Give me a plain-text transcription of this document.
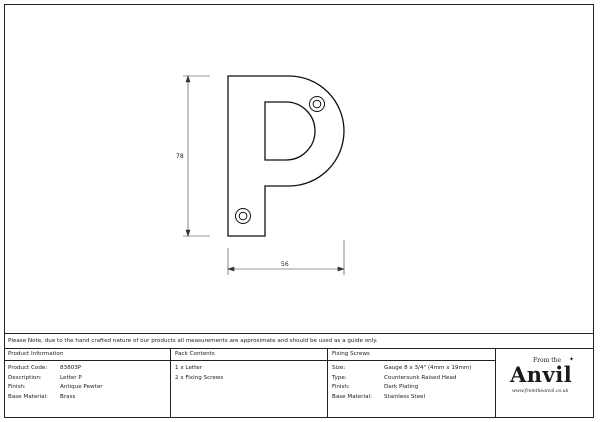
78
56
Please Note, due to the hand crafted nature of our products all measurements are approximate and should be used as a guide only.
Product Information
Product Code: 83803P
Description:	Letter P
Finish:	Antique Pewter
Base Material: Brass
Pack Contents
1 x Letter
2 x Fixing Screws
Fixing Screws
Size:	Gauge 8 x 3/4" (4mm x 19mm)
Type:	Countersunk Raised Head
Finish:	Dark Plating
Base Material: Stainless Steel
From the ✦
Anvil
www.fromtheanvil.co.uk
